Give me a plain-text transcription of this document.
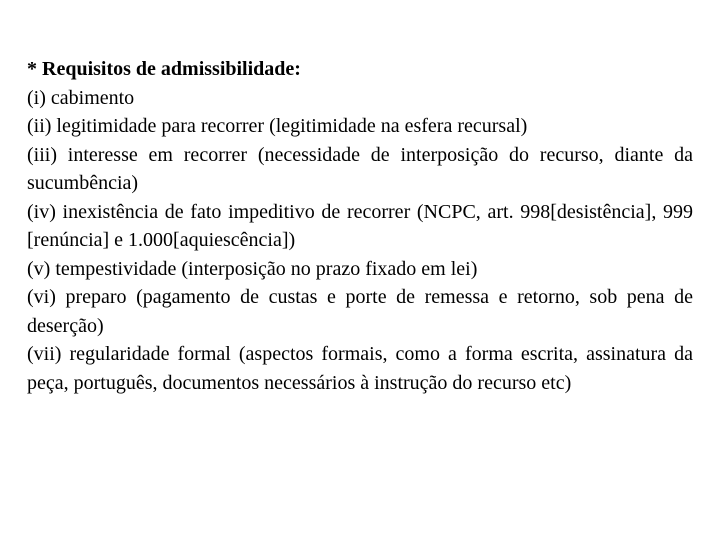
* Requisitos de admissibilidade:

(i) cabimento

(ii) legitimidade para recorrer (legitimidade na esfera recursal)

(iii) interesse em recorrer (necessidade de interposição do recurso, diante da sucumbência)

(iv) inexistência de fato impeditivo de recorrer (NCPC, art. 998[desistência], 999 [renúncia] e 1.000[aquiescência])

(v) tempestividade (interposição no prazo fixado em lei)

(vi) preparo (pagamento de custas e porte de remessa e retorno, sob pena de deserção)

(vii) regularidade formal (aspectos formais, como a forma escrita, assinatura da peça, português, documentos necessários à instrução do recurso etc)
